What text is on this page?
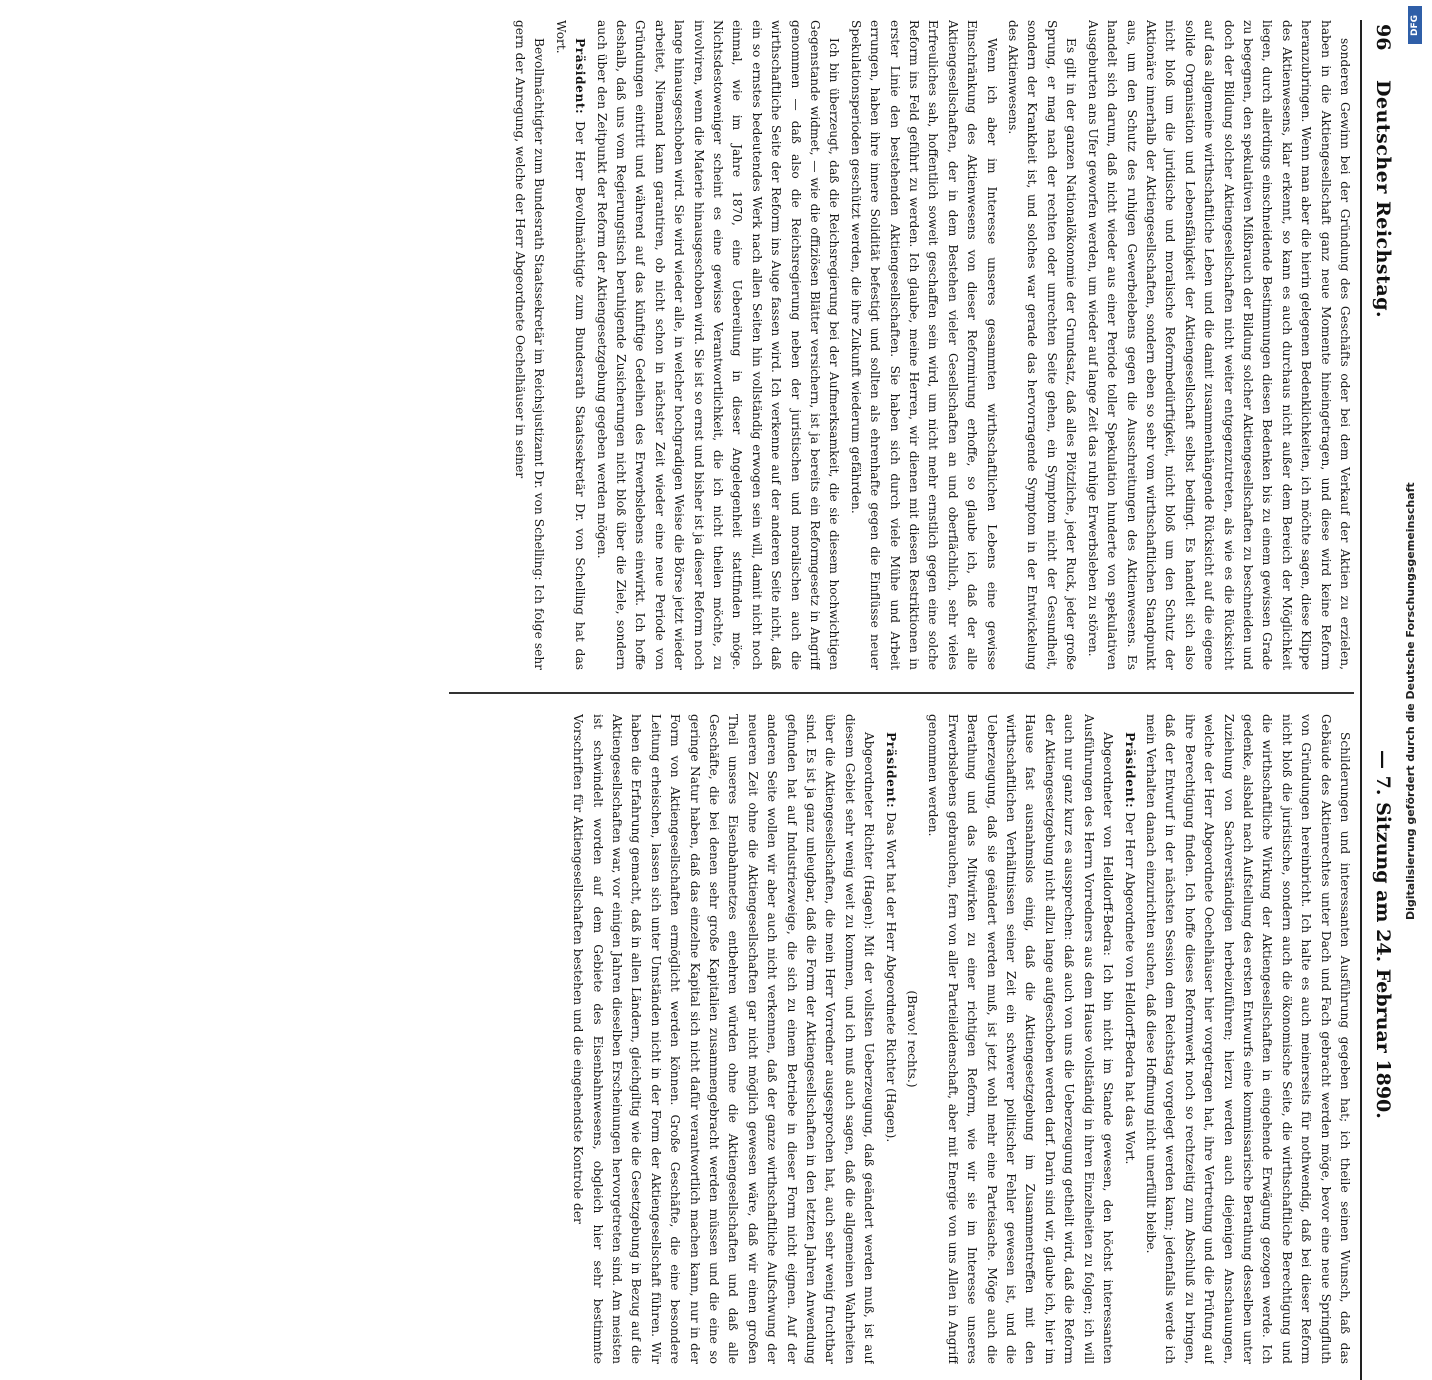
96
Deutscher Reichstag.
— 7. Sitzung am 24. Februar 1890.

sonderen Gewinn bei der Gründung des Geschäfts oder bei dem Verkauf der Aktien zu erzielen, haben in die Aktiengesellschaft ganz neue Momente hineingetragen, und diese wird keine Reform heranzubringen. Wenn man aber die hierin gelegenen Bedenklichkeiten, ich möchte sagen, diese Klippe des Aktienwesens, klar erkennt, so kann es auch durchaus nicht außer dem Bereich der Möglichkeit liegen, durch allerdings einschneidende Bestimmungen diesen Bedenken bis zu einem gewissen Grade zu begegnen, den spekulativen Mißbrauch der Bildung solcher Aktiengesellschaften zu beschneiden und doch der Bildung solcher Aktiengesellschaften nicht weiter entgegenzutreten, als wie es die Rücksicht auf das allgemeine wirthschaftliche Leben und die damit zusammenhängende Rücksicht auf die eigene solide Organisation und Lebensfähigkeit der Aktiengesellschaft selbst bedingt. Es handelt sich also nicht bloß um die juridische und moralische Reformbedürftigkeit, nicht bloß um den Schutz der Aktionäre innerhalb der Aktiengesellschaften, sondern eben so sehr vom wirthschaftlichen Standpunkt aus, um den Schutz des ruhigen Gewerbelebens gegen die Ausschreitungen des Aktienwesens. Es handelt sich darum, daß nicht wieder aus einer Periode toller Spekulation hunderte von spekulativen Ausgeburten ans Ufer geworfen werden, um wieder auf lange Zeit das ruhige Erwerbsleben zu stören.

Es gilt in der ganzen Nationalökonomie der Grundsatz, daß alles Plötzliche, jeder Ruck, jeder große Sprung, er mag nach der rechten oder unrechten Seite gehen, ein Symptom nicht der Gesundheit, sondern der Krankheit ist, und solches war gerade das hervorragende Symptom in der Entwickelung des Aktienwesens.

Wenn ich aber im Interesse unseres gesammten wirthschaftlichen Lebens eine gewisse Einschränkung des Aktienwesens von dieser Reformirung erhoffe, so glaube ich, daß der alle Aktiengesellschaften, der in dem Bestehen vieler Gesellschaften an und oberflächlich, sehr vieles Erfreuliches sah, hoffentlich soweit geschaffen sein wird, um nicht mehr ernstlich gegen eine solche Reform ins Feld geführt zu werden. Ich glaube, meine Herren, wir dienen mit diesen Restriktionen in erster Linie den bestehenden Aktiengesellschaften. Sie haben sich durch viele Mühe und Arbeit errungen, haben ihre innere Solidität befestigt und sollten als ehrenhafte gegen die Einflüsse neuer Spekulationsperioden geschützt werden, die ihre Zukunft wiederum gefährden.

Ich bin überzeugt, daß die Reichsregierung bei der Aufmerksamkeit, die sie diesem hochwichtigen Gegenstande widmet, — wie die offiziösen Blätter versichern, ist ja bereits ein Reformgesetz in Angriff genommen — daß also die Reichsregierung neben der juristischen und moralischen auch die wirthschaftliche Seite der Reform ins Auge fassen wird. Ich verkenne auf der anderen Seite nicht, daß ein so ernstes bedeutendes Werk nach allen Seiten hin vollständig erwogen sein will, damit nicht noch einmal, wie im Jahre 1870, eine Uebereilung in dieser Angelegenheit stattfinden möge. Nichtsdestoweniger scheint es eine gewisse Verantwortlichkeit, die ich nicht theilen möchte, zu involviren, wenn die Materie hinausgeschoben wird. Sie ist so ernst und bisher ist ja dieser Reform noch lange hinausgeschoben wird. Sie wird wieder alle, in welcher hochgradigen Weise die Börse jetzt wieder arbeitet, Niemand kann garantiren, ob nicht schon in nächster Zeit wieder eine neue Periode von Gründungen eintritt und während auf das künftige Gedeihen des Erwerbslebens einwirkt. Ich hoffe deshalb, daß uns vom Regierungstisch beruhigende Zusicherungen nicht bloß über die Ziele, sondern auch über den Zeitpunkt der Reform der Aktiengesetzgebung gegeben werden mögen.

Präsident: Der Herr Bevollmächtigte zum Bundesrath Staatssekretär Dr. von Schelling hat das Wort.

Bevollmächtigter zum Bundesrath Staatssekretär im Reichsjustizamt Dr. von Schelling: Ich folge sehr gern der Anregung, welche der Herr Abgeordnete Oechelhäuser in seiner

Schilderungen und interessanten Ausführung gegeben hat; ich theile seinen Wunsch, daß das Gebäude des Aktienrechtes unter Dach und Fach gebracht werden möge, bevor eine neue Springfluth von Gründungen hereinbricht. Ich halte es auch meinerseits für nothwendig, daß bei dieser Reform nicht bloß die juristische, sondern auch die ökonomische Seite, die wirthschaftliche Berechtigung und die wirthschaftliche Wirkung der Aktiengesellschaften in eingehende Erwägung gezogen werde. Ich gedenke, alsbald nach Aufstellung des ersten Entwurfs eine kommissarische Berathung desselben unter Zuziehung von Sachverständigen herbeizuführen; hierzu werden auch diejenigen Anschauungen, welche der Herr Abgeordnete Oechelhäuser hier vorgetragen hat, ihre Vertretung und die Prüfung auf ihre Berechtigung finden. Ich hoffe dieses Reformwerk noch so rechtzeitig zum Abschluß zu bringen, daß der Entwurf in der nächsten Session dem Reichstag vorgelegt werden kann; jedenfalls werde ich mein Verhalten danach einzurichten suchen, daß diese Hoffnung nicht unerfüllt bleibe.

Präsident: Der Herr Abgeordnete von Helldorff-Bedra hat das Wort.

Abgeordneter von Helldorff-Bedra: Ich bin nicht im Stande gewesen, den höchst interessanten Ausführungen des Herrn Vorredners aus dem Hause vollständig in ihren Einzelheiten zu folgen; ich will auch nur ganz kurz es aussprechen: daß auch von uns die Ueberzeugung getheilt wird, daß die Reform der Aktiengesetzgebung nicht allzu lange aufgeschoben werden darf. Darin sind wir, glaube ich, hier im Hause fast ausnahmslos einig, daß die Aktiengesetzgebung im Zusammentreffen mit den wirthschaftlichen Verhältnissen seiner Zeit ein schwerer politischer Fehler gewesen ist, und die Ueberzeugung, daß sie geändert werden muß, ist jetzt wohl mehr eine Parteisache. Möge auch die Berathung und das Mitwirken zu einer richtigen Reform, wie wir sie im Interesse unseres Erwerbslebens gebrauchen, fern von aller Parteileidenschaft, aber mit Energie von uns Allen in Angriff genommen werden.

(Bravo! rechts.)

Präsident: Das Wort hat der Herr Abgeordnete Richter (Hagen).

Abgeordneter Richter (Hagen): Mit der vollsten Ueberzeugung, daß geändert werden muß, ist auf diesem Gebiet sehr wenig weit zu kommen, und ich muß auch sagen, daß die allgemeinen Wahrheiten über die Aktiengesellschaften, die mein Herr Vorredner ausgesprochen hat, auch sehr wenig fruchtbar sind. Es ist ja ganz unleugbar, daß die Form der Aktiengesellschaften in den letzten Jahren Anwendung gefunden hat auf Industriezweige, die sich zu einem Betriebe in dieser Form nicht eignen. Auf der anderen Seite wollen wir aber auch nicht verkennen, daß der ganze wirthschaftliche Aufschwung der neueren Zeit ohne die Aktiengesellschaften gar nicht möglich gewesen wäre, daß wir einen großen Theil unseres Eisenbahnnetzes entbehren würden ohne die Aktiengesellschaften und daß alle Geschäfte, die bei denen sehr große Kapitalien zusammengebracht werden müssen und die eine so geringe Natur haben, daß das einzelne Kapital sich nicht dafür verantwortlich machen kann, nur in der Form von Aktiengesellschaften ermöglicht werden können. Große Geschäfte, die eine besondere Leitung erheischen, lassen sich unter Umständen nicht in der Form der Aktiengesellschaft führen. Wir haben die Erfahrung gemacht, daß in allen Ländern, gleichgiltig wie die Gesetzgebung in Bezug auf die Aktiengesellschaften war, vor einigen Jahren dieselben Erscheinungen hervorgetreten sind. Am meisten ist schwindelt worden auf dem Gebiete des Eisenbahnwesens, obgleich hier sehr bestimmte Vorschriften für Aktiengesellschaften bestehen und die eingehendste Kontrole der

DFG
Digitalisierung gefördert durch die Deutsche Forschungsgemeinschaft
